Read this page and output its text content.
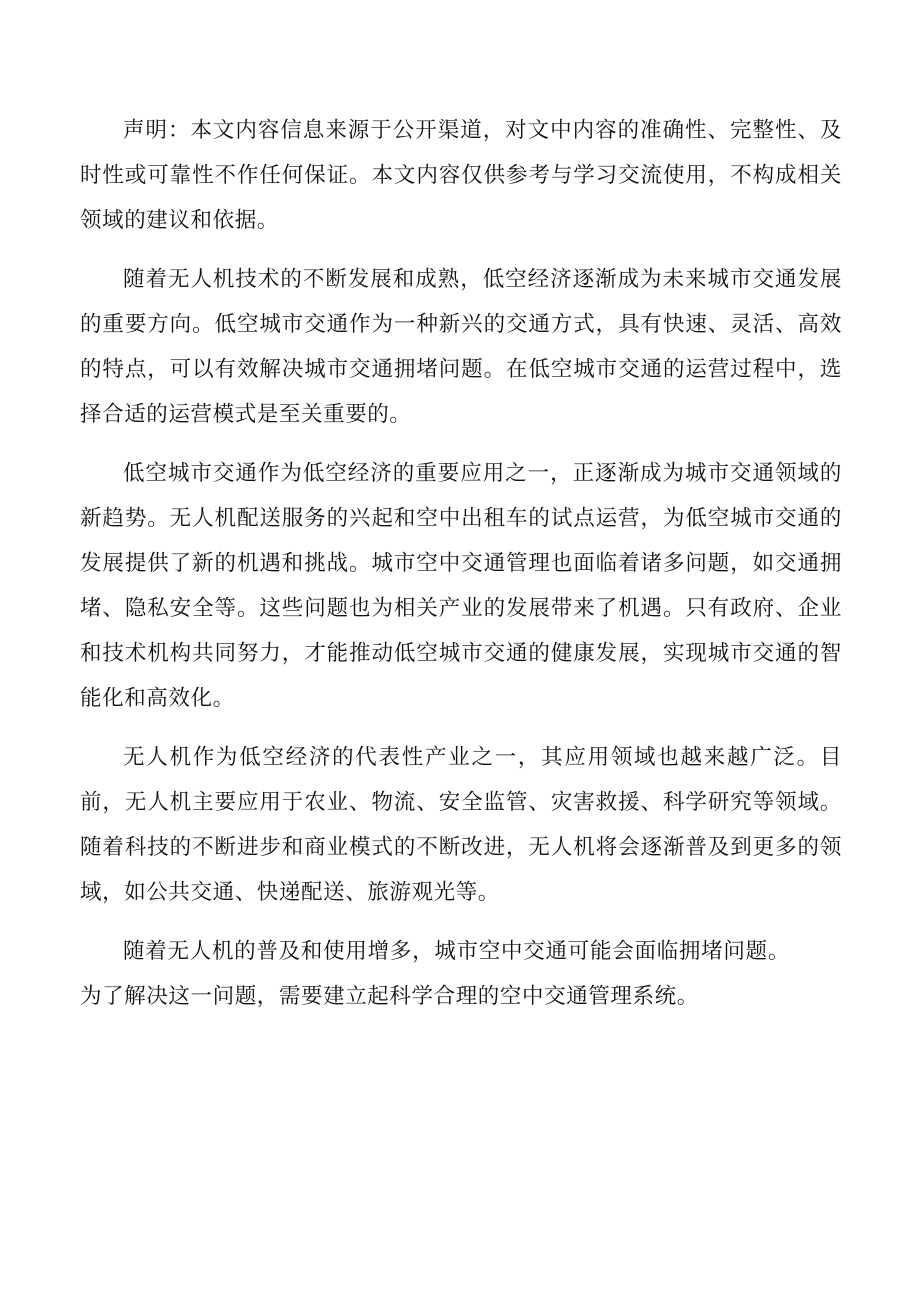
声明：本文内容信息来源于公开渠道，对文中内容的准确性、完整性、及时性或可靠性不作任何保证。本文内容仅供参考与学习交流使用，不构成相关领域的建议和依据。

随着无人机技术的不断发展和成熟，低空经济逐渐成为未来城市交通发展的重要方向。低空城市交通作为一种新兴的交通方式，具有快速、灵活、高效的特点，可以有效解决城市交通拥堵问题。在低空城市交通的运营过程中，选择合适的运营模式是至关重要的。

低空城市交通作为低空经济的重要应用之一，正逐渐成为城市交通领域的新趋势。无人机配送服务的兴起和空中出租车的试点运营，为低空城市交通的发展提供了新的机遇和挑战。城市空中交通管理也面临着诸多问题，如交通拥堵、隐私安全等。这些问题也为相关产业的发展带来了机遇。只有政府、企业和技术机构共同努力，才能推动低空城市交通的健康发展，实现城市交通的智能化和高效化。

无人机作为低空经济的代表性产业之一，其应用领域也越来越广泛。目前，无人机主要应用于农业、物流、安全监管、灾害救援、科学研究等领域。随着科技的不断进步和商业模式的不断改进，无人机将会逐渐普及到更多的领域，如公共交通、快递配送、旅游观光等。

随着无人机的普及和使用增多，城市空中交通可能会面临拥堵问题。为了解决这一问题，需要建立起科学合理的空中交通管理系统。
